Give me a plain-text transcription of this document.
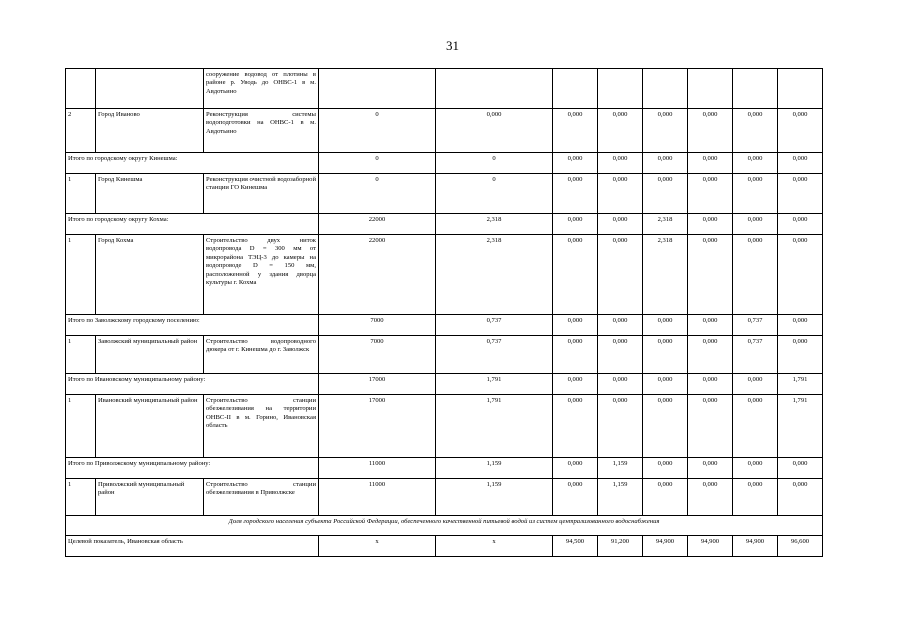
31
		сооружение водовод от плотины в районе р. Уводь до ОНВС-1 в м. Авдотьино								
2	Город Иваново	Реконструкция системы водоподготовки на ОНВС-1 в м. Авдотьино	0	0,000	0,000	0,000	0,000	0,000	0,000	0,000
Итого по городскому округу Кинешма:			0	0	0,000	0,000	0,000	0,000	0,000	0,000
1	Город Кинешма	Реконструкция очистной водозаборной станции ГО Кинешма	0	0	0,000	0,000	0,000	0,000	0,000	0,000
Итого по городскому округу Кохма:			22000	2,318	0,000	0,000	2,318	0,000	0,000	0,000
1	Город Кохма	Строительство двух ниток водопровода D = 300 мм от микрорайона ТЭЦ-3 до камеры на водопроводе D = 150 мм, расположенной у здания дворца культуры г. Кохма	22000	2,318	0,000	0,000	2,318	0,000	0,000	0,000
Итого по Заволжскому городскому поселению:			7000	0,737	0,000	0,000	0,000	0,000	0,737	0,000
1	Заволжский муниципальный район	Строительство водопроводного дюкера от г. Кинешма до г. Заволжск	7000	0,737	0,000	0,000	0,000	0,000	0,737	0,000
Итого по Ивановскому муниципальному району:			17000	1,791	0,000	0,000	0,000	0,000	0,000	1,791
1	Ивановский муниципальный район	Строительство станции обезжелезивания на территории ОНВС-II в м. Горино, Ивановская область	17000	1,791	0,000	0,000	0,000	0,000	0,000	1,791
Итого по Приволжскому муниципальному району:			11000	1,159	0,000	1,159	0,000	0,000	0,000	0,000
1	Приволжский муниципальный район	Строительство станции обезжелезивания в Приволжске	11000	1,159	0,000	1,159	0,000	0,000	0,000	0,000
Доля городского населения субъекта Российской Федерации, обеспеченного качественной питьевой водой из систем централизованного водоснабжения										
Целевой показатель, Ивановская область			х	х	94,500	91,200	94,900	94,900	94,900	96,600
